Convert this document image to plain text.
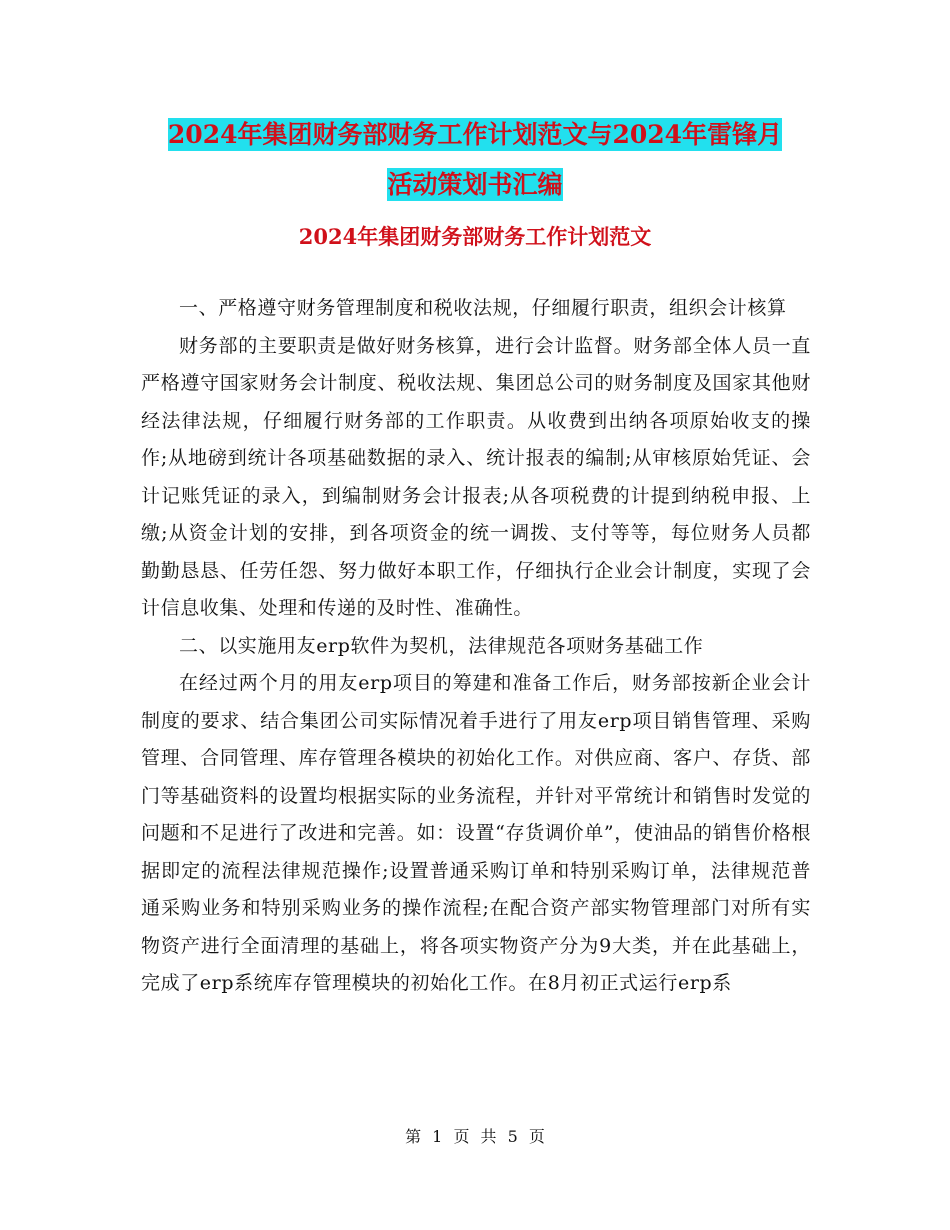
2024年集团财务部财务工作计划范文与2024年雷锋月
活动策划书汇编
2024年集团财务部财务工作计划范文

一、严格遵守财务管理制度和税收法规，仔细履行职责，组织会计核算

财务部的主要职责是做好财务核算，进行会计监督。财务部全体人员一直严格遵守国家财务会计制度、税收法规、集团总公司的财务制度及国家其他财经法律法规，仔细履行财务部的工作职责。从收费到出纳各项原始收支的操作;从地磅到统计各项基础数据的录入、统计报表的编制;从审核原始凭证、会计记账凭证的录入，到编制财务会计报表;从各项税费的计提到纳税申报、上缴;从资金计划的安排，到各项资金的统一调拨、支付等等，每位财务人员都勤勤恳恳、任劳任怨、努力做好本职工作，仔细执行企业会计制度，实现了会计信息收集、处理和传递的及时性、准确性。

二、以实施用友erp软件为契机，法律规范各项财务基础工作

在经过两个月的用友erp项目的筹建和准备工作后，财务部按新企业会计制度的要求、结合集团公司实际情况着手进行了用友erp项目销售管理、采购管理、合同管理、库存管理各模块的初始化工作。对供应商、客户、存货、部门等基础资料的设置均根据实际的业务流程，并针对平常统计和销售时发觉的问题和不足进行了改进和完善。如：设置“存货调价单”，使油品的销售价格根据即定的流程法律规范操作;设置普通采购订单和特别采购订单，法律规范普通采购业务和特别采购业务的操作流程;在配合资产部实物管理部门对所有实物资产进行全面清理的基础上，将各项实物资产分为9大类，并在此基础上，完成了erp系统库存管理模块的初始化工作。在8月初正式运行erp系

第 1 页 共 5 页
